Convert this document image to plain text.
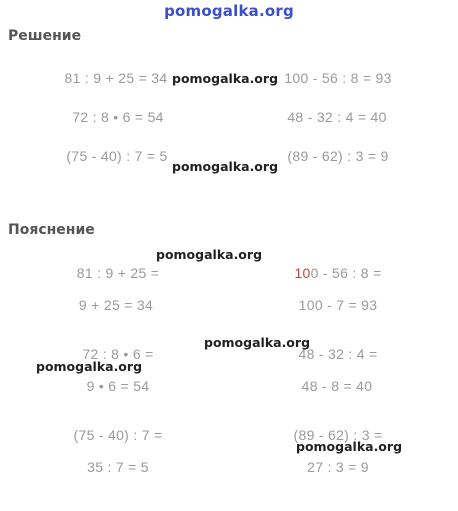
pomogalka.org
Решение
81 : 9 + 25 = 34	100 - 56 : 8 = 93
72 : 8 • 6 = 54	48 - 32 : 4 = 40
(75 - 40) : 7 = 5	(89 - 62) : 3 = 9
Пояснение
81 : 9 + 25 =	100 - 56 : 8 =
9 + 25 = 34	100 - 7 = 93
72 : 8 • 6 =	48 - 32 : 4 =
9 • 6 = 54	48 - 8 = 40
(75 - 40) : 7 =	(89 - 62) : 3 =
35 : 7 = 5	27 : 3 = 9
pomogalka.org
pomogalka.org
pomogalka.org
pomogalka.org
pomogalka.org
pomogalka.org
